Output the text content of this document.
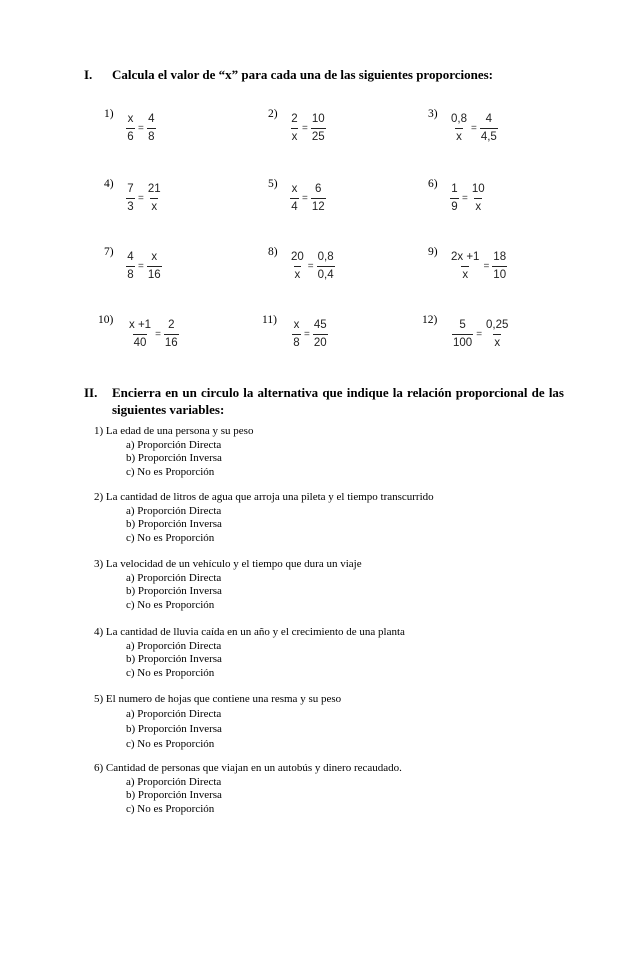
I. Calcula el valor de “x” para cada una de las siguientes proporciones:
$1) \frac{x}{6} = \frac{4}{8}$	$2) \frac{2}{x} = \frac{10}{25}$	$3) \frac{0,8}{x} = \frac{4}{4,5}$
$4) \frac{7}{3} = \frac{21}{x}$	$5) \frac{x}{4} = \frac{6}{12}$	$6) \frac{1}{9} = \frac{10}{x}$
$7) \frac{4}{8} = \frac{x}{16}$	$8) \frac{20}{x} = \frac{0,8}{0,4}$	$9) \frac{2x +1}{x} = \frac{18}{10}$
$10) \frac{x +1}{40} = \frac{2}{16}$	$11) \frac{x}{8} = \frac{45}{20}$	$12) \frac{5}{100} = \frac{0,25}{x}$
II. Encierra en un circulo la alternativa que indique la relación proporcional de las siguientes variables:
1) La edad de una persona y su peso
a) Proporción Directa
b) Proporción Inversa
c) No es Proporción
2) La cantidad de litros de agua que arroja una pileta y el tiempo transcurrido
a) Proporción Directa
b) Proporción Inversa
c) No es Proporción
3) La velocidad de un vehículo y el tiempo que dura un viaje
a) Proporción Directa
b) Proporción Inversa
c) No es Proporción
4) La cantidad de lluvia caída en un año y el crecimiento de una planta
a) Proporción Directa
b) Proporción Inversa
c) No es Proporción
5) El numero de hojas que contiene una resma y su peso
a) Proporción Directa
b) Proporción Inversa
c) No es Proporción
6) Cantidad de personas que viajan en un autobús y dinero recaudado.
a) Proporción Directa
b) Proporción Inversa
c) No es Proporción
